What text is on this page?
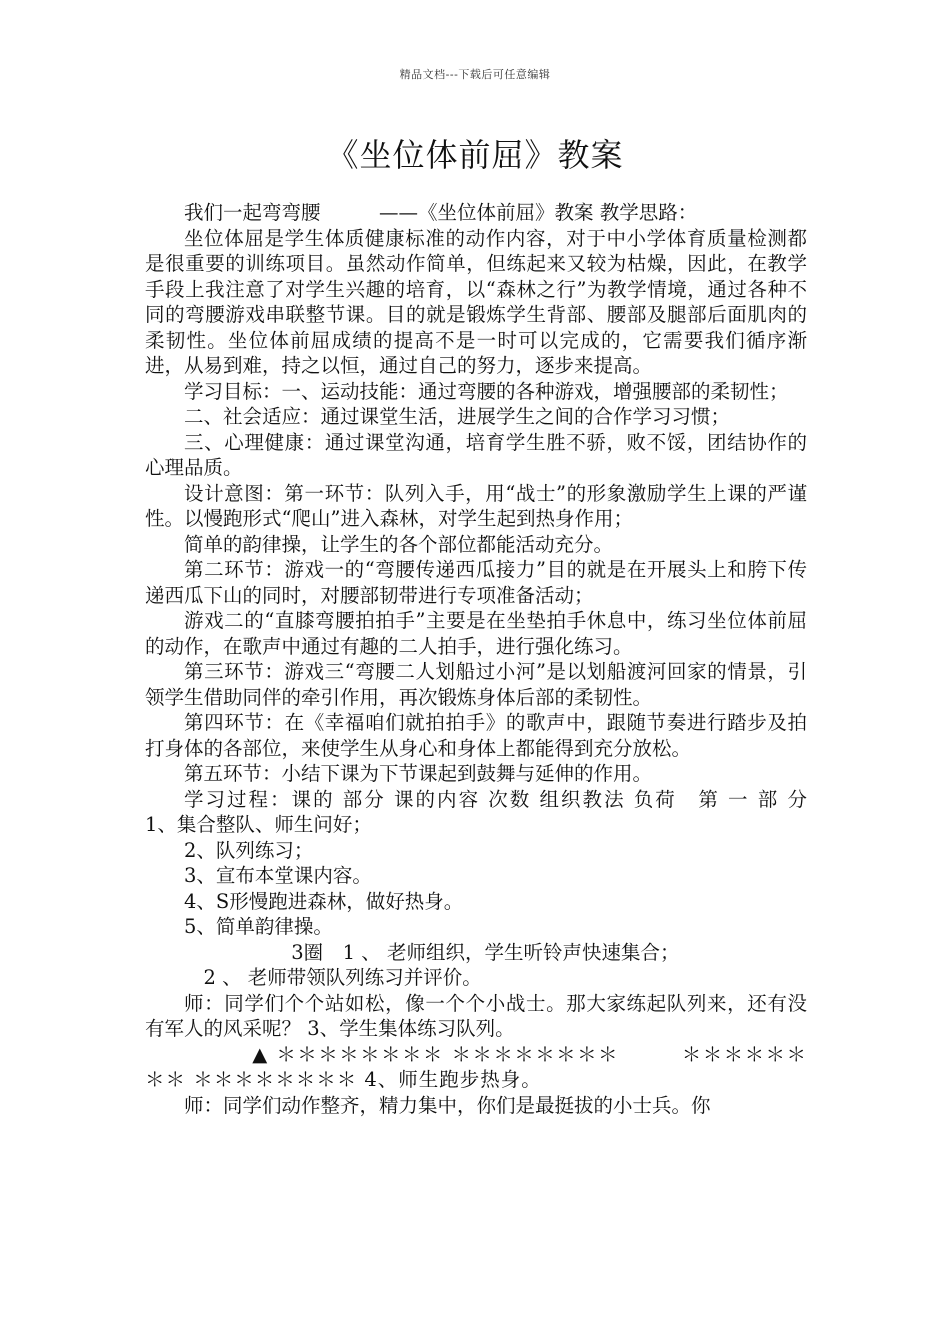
精品文档---下载后可任意编辑
《坐位体前屈》教案

我们一起弯弯腰　　　——《坐位体前屈》教案 教学思路：

坐位体屈是学生体质健康标准的动作内容，对于中小学体育质量检测都是很重要的训练项目。虽然动作简单，但练起来又较为枯燥，因此，在教学手段上我注意了对学生兴趣的培育，以“森林之行”为教学情境，通过各种不同的弯腰游戏串联整节课。目的就是锻炼学生背部、腰部及腿部后面肌肉的柔韧性。坐位体前屈成绩的提高不是一时可以完成的，它需要我们循序渐进，从易到难，持之以恒，通过自己的努力，逐步来提高。

学习目标：一、运动技能：通过弯腰的各种游戏，增强腰部的柔韧性；

二、社会适应：通过课堂生活，进展学生之间的合作学习习惯；

三、心理健康：通过课堂沟通，培育学生胜不骄，败不馁，团结协作的心理品质。

设计意图：第一环节：队列入手，用“战士”的形象激励学生上课的严谨性。以慢跑形式“爬山”进入森林，对学生起到热身作用；

简单的韵律操，让学生的各个部位都能活动充分。

第二环节：游戏一的“弯腰传递西瓜接力”目的就是在开展头上和胯下传递西瓜下山的同时，对腰部韧带进行专项准备活动；

游戏二的“直膝弯腰拍拍手”主要是在坐垫拍手休息中，练习坐位体前屈的动作，在歌声中通过有趣的二人拍手，进行强化练习。

第三环节：游戏三“弯腰二人划船过小河”是以划船渡河回家的情景，引领学生借助同伴的牵引作用，再次锻炼身体后部的柔韧性。

第四环节：在《幸福咱们就拍拍手》的歌声中，跟随节奏进行踏步及拍打身体的各部位，来使学生从身心和身体上都能得到充分放松。

第五环节：小结下课为下节课起到鼓舞与延伸的作用。

学习过程：课的 部分 课的内容 次数 组织教法 负荷　第 一 部 分　　1、集合整队、师生问好；

2、队列练习；

3、宣布本堂课内容。

4、S形慢跑进森林，做好热身。

5、简单韵律操。

3圈　1 、 老师组织，学生听铃声快速集合；

2 、 老师带领队列练习并评价。

师：同学们个个站如松，像一个个小战士。那大家练起队列来，还有没有军人的风采呢？ 3、学生集体练习队列。

▲ ＊＊＊＊＊＊＊＊ ＊＊＊＊＊＊＊＊　　　＊＊＊＊＊＊＊＊ ＊＊＊＊＊＊＊＊ 4、师生跑步热身。

师：同学们动作整齐，精力集中，你们是最挺拔的小士兵。你
